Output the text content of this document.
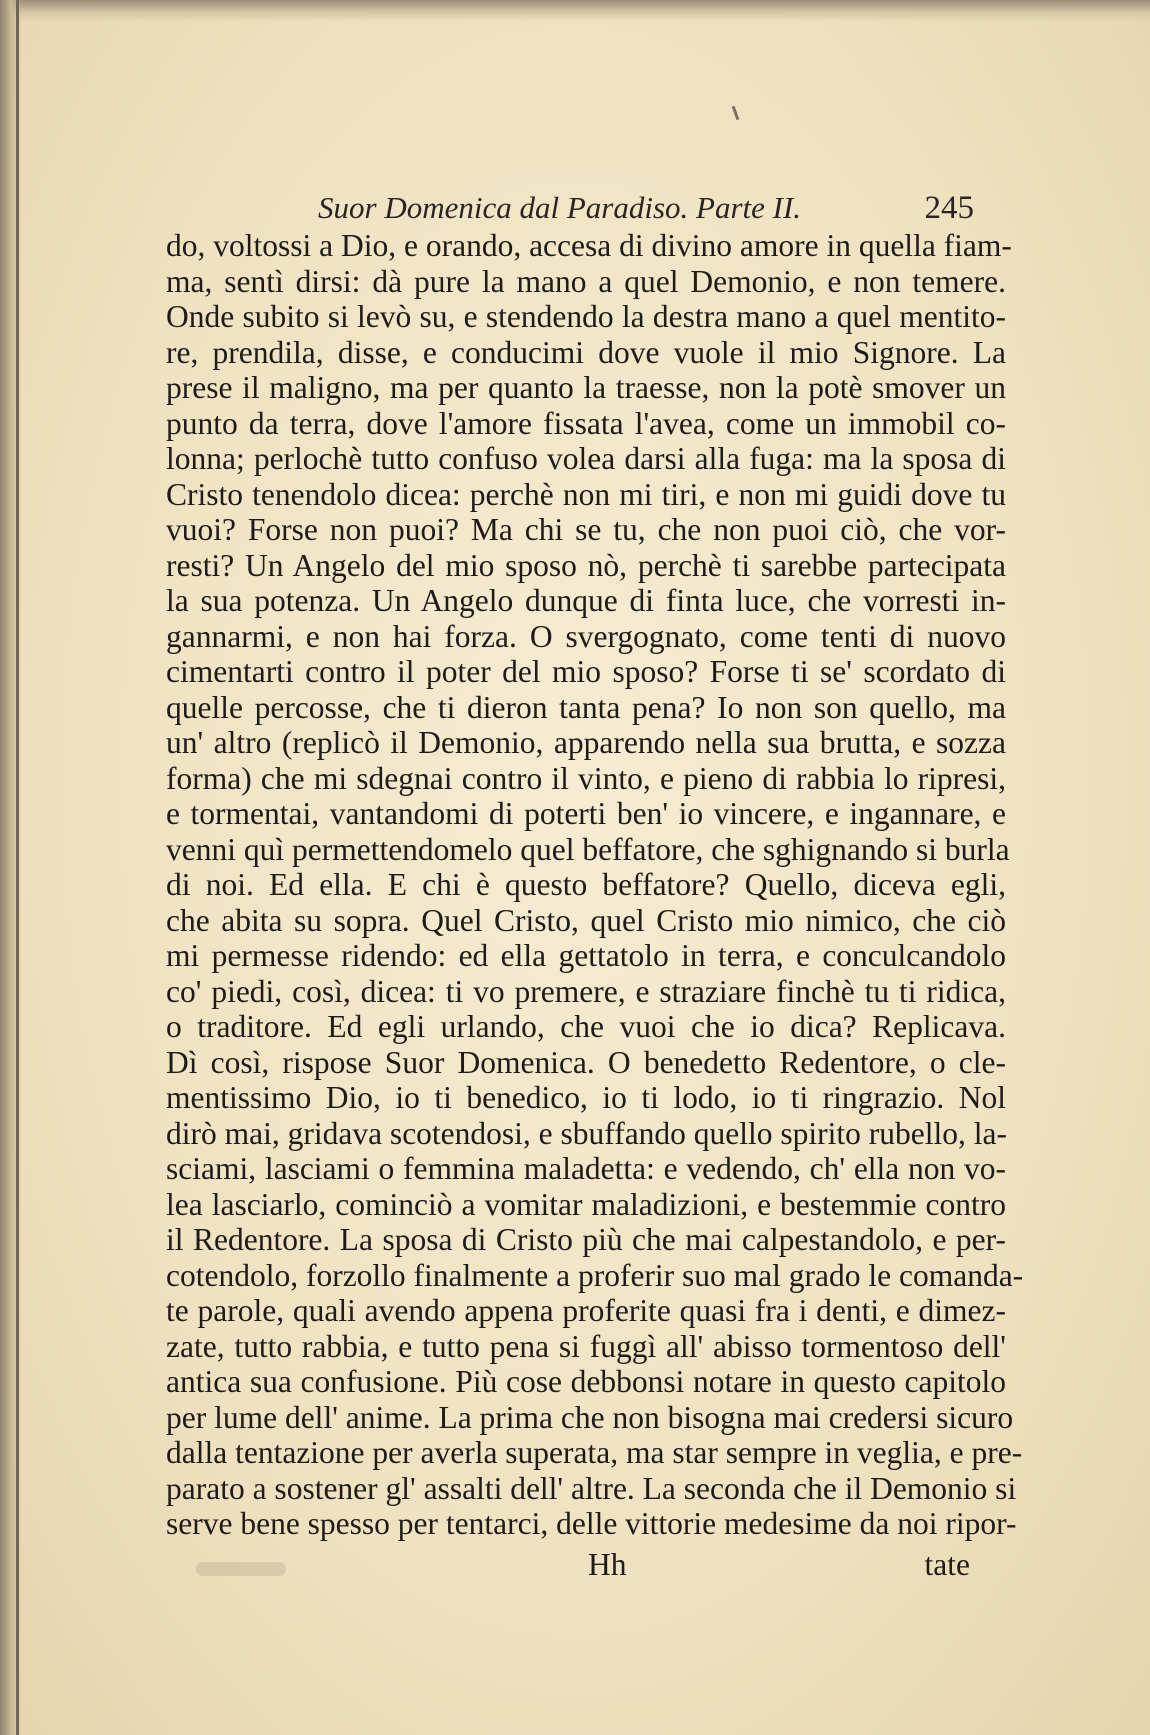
Suor Domenica dal Paradiso. Parte II.	245
do, voltossi a Dio, e orando, accesa di divino amore in quella fiam-
ma, sentì dirsi: dà pure la mano a quel Demonio, e non temere.
Onde subito si levò su, e stendendo la destra mano a quel mentito-
re, prendila, disse, e conducimi dove vuole il mio Signore. La
prese il maligno, ma per quanto la traesse, non la potè smover un
punto da terra, dove l'amore fissata l'avea, come un immobil co-
lonna; perlochè tutto confuso volea darsi alla fuga: ma la sposa di
Cristo tenendolo dicea: perchè non mi tiri, e non mi guidi dove tu
vuoi? Forse non puoi? Ma chi se tu, che non puoi ciò, che vor-
resti? Un Angelo del mio sposo nò, perchè ti sarebbe partecipata
la sua potenza. Un Angelo dunque di finta luce, che vorresti in-
gannarmi, e non hai forza. O svergognato, come tenti di nuovo
cimentarti contro il poter del mio sposo? Forse ti se' scordato di
quelle percosse, che ti dieron tanta pena? Io non son quello, ma
un' altro (replicò il Demonio, apparendo nella sua brutta, e sozza
forma) che mi sdegnai contro il vinto, e pieno di rabbia lo ripresi,
e tormentai, vantandomi di poterti ben' io vincere, e ingannare, e
venni quì permettendomelo quel beffatore, che sghignando si burla
di noi. Ed ella. E chi è questo beffatore? Quello, diceva egli,
che abita su sopra. Quel Cristo, quel Cristo mio nimico, che ciò
mi permesse ridendo: ed ella gettatolo in terra, e conculcandolo
co' piedi, così, dicea: ti vo premere, e straziare finchè tu ti ridica,
o traditore. Ed egli urlando, che vuoi che io dica? Replicava.
Dì così, rispose Suor Domenica. O benedetto Redentore, o cle-
mentissimo Dio, io ti benedico, io ti lodo, io ti ringrazio. Nol
dirò mai, gridava scotendosi, e sbuffando quello spirito rubello, la-
sciami, lasciami o femmina maladetta: e vedendo, ch' ella non vo-
lea lasciarlo, cominciò a vomitar maladizioni, e bestemmie contro
il Redentore. La sposa di Cristo più che mai calpestandolo, e per-
cotendolo, forzollo finalmente a proferir suo mal grado le comanda-
te parole, quali avendo appena proferite quasi fra i denti, e dimez-
zate, tutto rabbia, e tutto pena si fuggì all' abisso tormentoso dell'
antica sua confusione. Più cose debbonsi notare in questo capitolo
per lume dell' anime. La prima che non bisogna mai credersi sicuro
dalla tentazione per averla superata, ma star sempre in veglia, e pre-
parato a sostener gl' assalti dell' altre. La seconda che il Demonio si
serve bene spesso per tentarci, delle vittorie medesime da noi ripor-
Hh	tate
